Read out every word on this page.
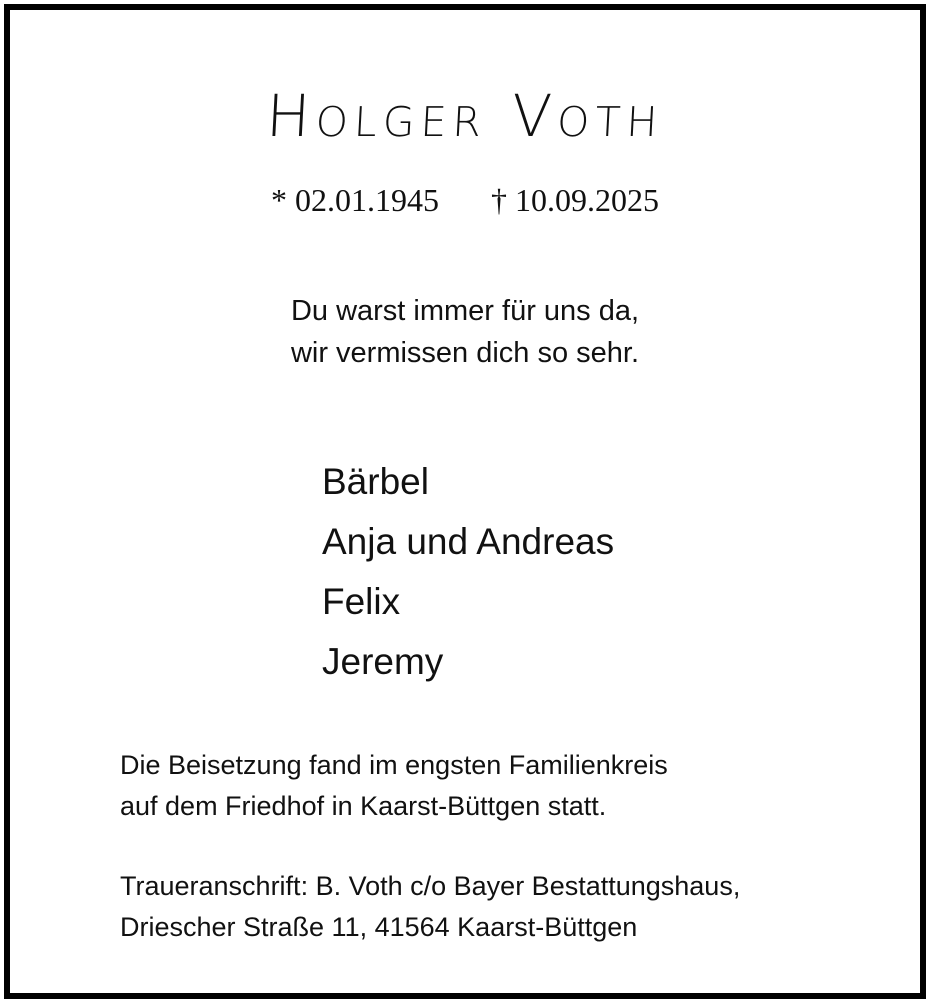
Holger Voth
* 02.01.1945 † 10.09.2025
Du warst immer für uns da,
wir vermissen dich so sehr.
Bärbel
Anja und Andreas
Felix
Jeremy
Die Beisetzung fand im engsten Familienkreis
auf dem Friedhof in Kaarst-Büttgen statt.
Traueranschrift: B. Voth c/o Bayer Bestattungshaus,
Driescher Straße 11, 41564 Kaarst-Büttgen
